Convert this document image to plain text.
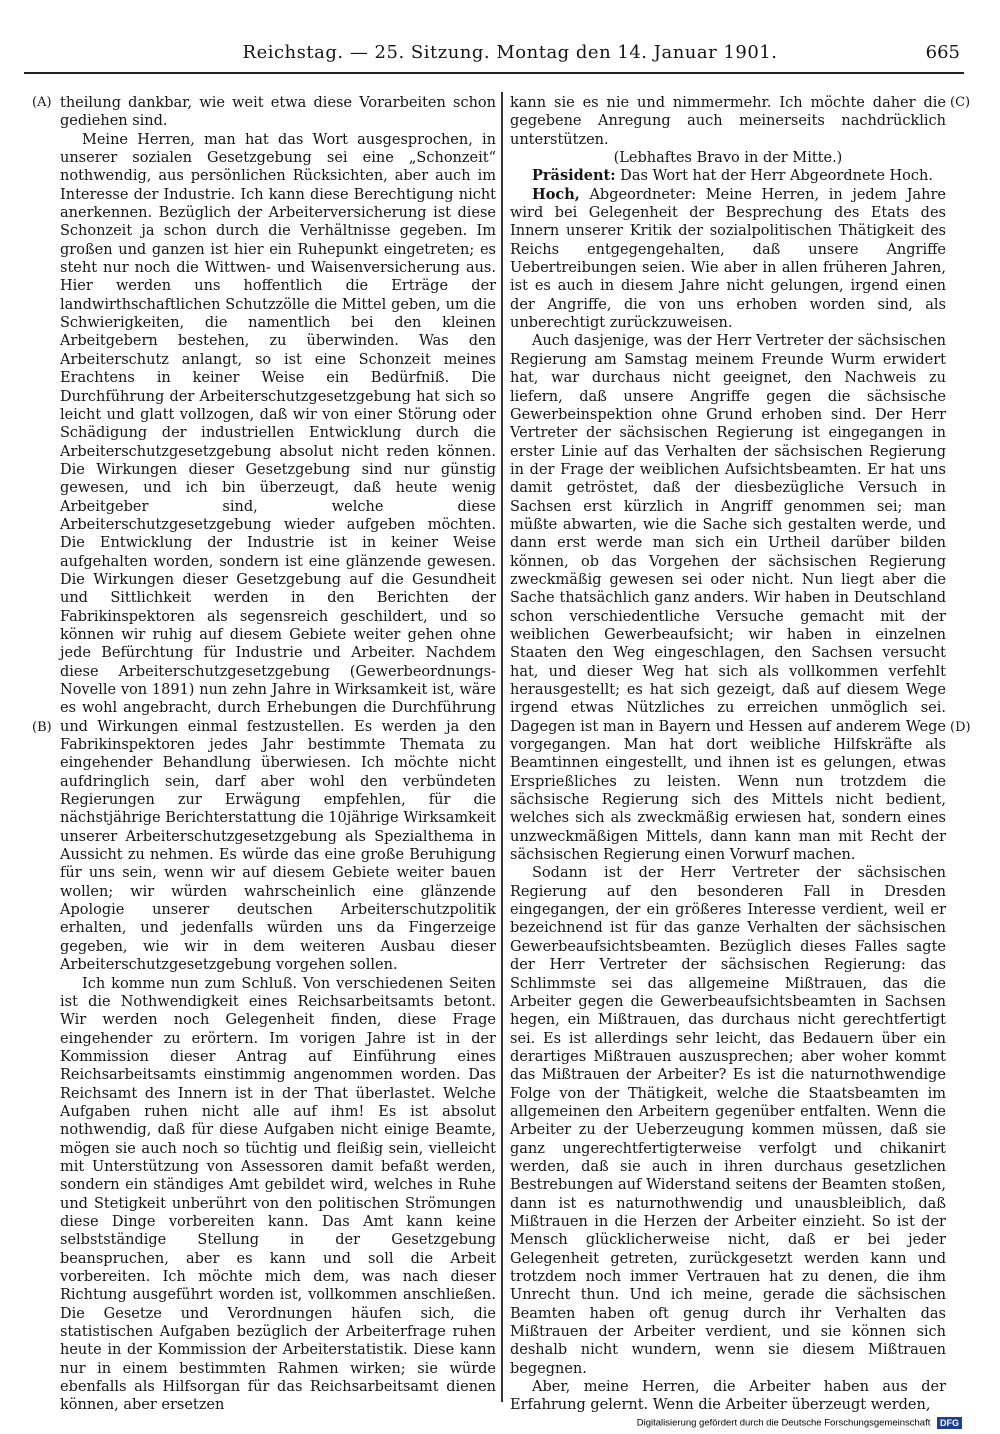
Reichstag. — 25. Sitzung. Montag den 14. Januar 1901.	665
(A)
(B)
(C)
(D)

theilung dankbar, wie weit etwa diese Vorarbeiten schon gediehen sind.

Meine Herren, man hat das Wort ausgesprochen, in unserer sozialen Gesetzgebung sei eine „Schonzeit“ nothwendig, aus persönlichen Rücksichten, aber auch im Interesse der Industrie. Ich kann diese Berechtigung nicht anerkennen. Bezüglich der Arbeiterversicherung ist diese Schonzeit ja schon durch die Verhältnisse gegeben. Im großen und ganzen ist hier ein Ruhepunkt eingetreten; es steht nur noch die Wittwen- und Waisenversicherung aus. Hier werden uns hoffentlich die Erträge der landwirthschaftlichen Schutzzölle die Mittel geben, um die Schwierigkeiten, die namentlich bei den kleinen Arbeitgebern bestehen, zu überwinden. Was den Arbeiterschutz anlangt, so ist eine Schonzeit meines Erachtens in keiner Weise ein Bedürfniß. Die Durchführung der Arbeiterschutzgesetzgebung hat sich so leicht und glatt vollzogen, daß wir von einer Störung oder Schädigung der industriellen Entwicklung durch die Arbeiterschutzgesetzgebung absolut nicht reden können. Die Wirkungen dieser Gesetzgebung sind nur günstig gewesen, und ich bin überzeugt, daß heute wenig Arbeitgeber sind, welche diese Arbeiterschutzgesetzgebung wieder aufgeben möchten. Die Entwicklung der Industrie ist in keiner Weise aufgehalten worden, sondern ist eine glänzende gewesen. Die Wirkungen dieser Gesetzgebung auf die Gesundheit und Sittlichkeit werden in den Berichten der Fabrikinspektoren als segensreich geschildert, und so können wir ruhig auf diesem Gebiete weiter gehen ohne jede Befürchtung für Industrie und Arbeiter. Nachdem diese Arbeiterschutzgesetzgebung (Gewerbeordnungs-Novelle von 1891) nun zehn Jahre in Wirksamkeit ist, wäre es wohl angebracht, durch Erhebungen die Durchführung und Wirkungen einmal festzustellen. Es werden ja den Fabrikinspektoren jedes Jahr bestimmte Themata zu eingehender Behandlung überwiesen. Ich möchte nicht aufdringlich sein, darf aber wohl den verbündeten Regierungen zur Erwägung empfehlen, für die nächstjährige Berichterstattung die 10jährige Wirksamkeit unserer Arbeiterschutzgesetzgebung als Spezialthema in Aussicht zu nehmen. Es würde das eine große Beruhigung für uns sein, wenn wir auf diesem Gebiete weiter bauen wollen; wir würden wahrscheinlich eine glänzende Apologie unserer deutschen Arbeiterschutzpolitik erhalten, und jedenfalls würden uns da Fingerzeige gegeben, wie wir in dem weiteren Ausbau dieser Arbeiterschutzgesetzgebung vorgehen sollen.

Ich komme nun zum Schluß. Von verschiedenen Seiten ist die Nothwendigkeit eines Reichsarbeitsamts betont. Wir werden noch Gelegenheit finden, diese Frage eingehender zu erörtern. Im vorigen Jahre ist in der Kommission dieser Antrag auf Einführung eines Reichsarbeitsamts einstimmig angenommen worden. Das Reichsamt des Innern ist in der That überlastet. Welche Aufgaben ruhen nicht alle auf ihm! Es ist absolut nothwendig, daß für diese Aufgaben nicht einige Beamte, mögen sie auch noch so tüchtig und fleißig sein, vielleicht mit Unterstützung von Assessoren damit befaßt werden, sondern ein ständiges Amt gebildet wird, welches in Ruhe und Stetigkeit unberührt von den politischen Strömungen diese Dinge vorbereiten kann. Das Amt kann keine selbstständige Stellung in der Gesetzgebung beanspruchen, aber es kann und soll die Arbeit vorbereiten. Ich möchte mich dem, was nach dieser Richtung ausgeführt worden ist, vollkommen anschließen. Die Gesetze und Verordnungen häufen sich, die statistischen Aufgaben bezüglich der Arbeiterfrage ruhen heute in der Kommission der Arbeiterstatistik. Diese kann nur in einem bestimmten Rahmen wirken; sie würde ebenfalls als Hilfsorgan für das Reichsarbeitsamt dienen können, aber ersetzen

kann sie es nie und nimmermehr. Ich möchte daher die gegebene Anregung auch meinerseits nachdrücklich unterstützen.

(Lebhaftes Bravo in der Mitte.)

Präsident: Das Wort hat der Herr Abgeordnete Hoch.

Hoch, Abgeordneter: Meine Herren, in jedem Jahre wird bei Gelegenheit der Besprechung des Etats des Innern unserer Kritik der sozialpolitischen Thätigkeit des Reichs entgegengehalten, daß unsere Angriffe Uebertreibungen seien. Wie aber in allen früheren Jahren, ist es auch in diesem Jahre nicht gelungen, irgend einen der Angriffe, die von uns erhoben worden sind, als unberechtigt zurückzuweisen.

Auch dasjenige, was der Herr Vertreter der sächsischen Regierung am Samstag meinem Freunde Wurm erwidert hat, war durchaus nicht geeignet, den Nachweis zu liefern, daß unsere Angriffe gegen die sächsische Gewerbeinspektion ohne Grund erhoben sind. Der Herr Vertreter der sächsischen Regierung ist eingegangen in erster Linie auf das Verhalten der sächsischen Regierung in der Frage der weiblichen Aufsichtsbeamten. Er hat uns damit getröstet, daß der diesbezügliche Versuch in Sachsen erst kürzlich in Angriff genommen sei; man müßte abwarten, wie die Sache sich gestalten werde, und dann erst werde man sich ein Urtheil darüber bilden können, ob das Vorgehen der sächsischen Regierung zweckmäßig gewesen sei oder nicht. Nun liegt aber die Sache thatsächlich ganz anders. Wir haben in Deutschland schon verschiedentliche Versuche gemacht mit der weiblichen Gewerbeaufsicht; wir haben in einzelnen Staaten den Weg eingeschlagen, den Sachsen versucht hat, und dieser Weg hat sich als vollkommen verfehlt herausgestellt; es hat sich gezeigt, daß auf diesem Wege irgend etwas Nützliches zu erreichen unmöglich sei. Dagegen ist man in Bayern und Hessen auf anderem Wege vorgegangen. Man hat dort weibliche Hilfskräfte als Beamtinnen eingestellt, und ihnen ist es gelungen, etwas Ersprießliches zu leisten. Wenn nun trotzdem die sächsische Regierung sich des Mittels nicht bedient, welches sich als zweckmäßig erwiesen hat, sondern eines unzweckmäßigen Mittels, dann kann man mit Recht der sächsischen Regierung einen Vorwurf machen.

Sodann ist der Herr Vertreter der sächsischen Regierung auf den besonderen Fall in Dresden eingegangen, der ein größeres Interesse verdient, weil er bezeichnend ist für das ganze Verhalten der sächsischen Gewerbeaufsichtsbeamten. Bezüglich dieses Falles sagte der Herr Vertreter der sächsischen Regierung: das Schlimmste sei das allgemeine Mißtrauen, das die Arbeiter gegen die Gewerbeaufsichtsbeamten in Sachsen hegen, ein Mißtrauen, das durchaus nicht gerechtfertigt sei. Es ist allerdings sehr leicht, das Bedauern über ein derartiges Mißtrauen auszusprechen; aber woher kommt das Mißtrauen der Arbeiter? Es ist die naturnothwendige Folge von der Thätigkeit, welche die Staatsbeamten im allgemeinen den Arbeitern gegenüber entfalten. Wenn die Arbeiter zu der Ueberzeugung kommen müssen, daß sie ganz ungerechtfertigterweise verfolgt und chikanirt werden, daß sie auch in ihren durchaus gesetzlichen Bestrebungen auf Widerstand seitens der Beamten stoßen, dann ist es naturnothwendig und unausbleiblich, daß Mißtrauen in die Herzen der Arbeiter einzieht. So ist der Mensch glücklicherweise nicht, daß er bei jeder Gelegenheit getreten, zurückgesetzt werden kann und trotzdem noch immer Vertrauen hat zu denen, die ihm Unrecht thun. Und ich meine, gerade die sächsischen Beamten haben oft genug durch ihr Verhalten das Mißtrauen der Arbeiter verdient, und sie können sich deshalb nicht wundern, wenn sie diesem Mißtrauen begegnen.

Aber, meine Herren, die Arbeiter haben aus der Erfahrung gelernt. Wenn die Arbeiter überzeugt werden,

Digitalisierung gefördert durch die Deutsche Forschungsgemeinschaft DFG
